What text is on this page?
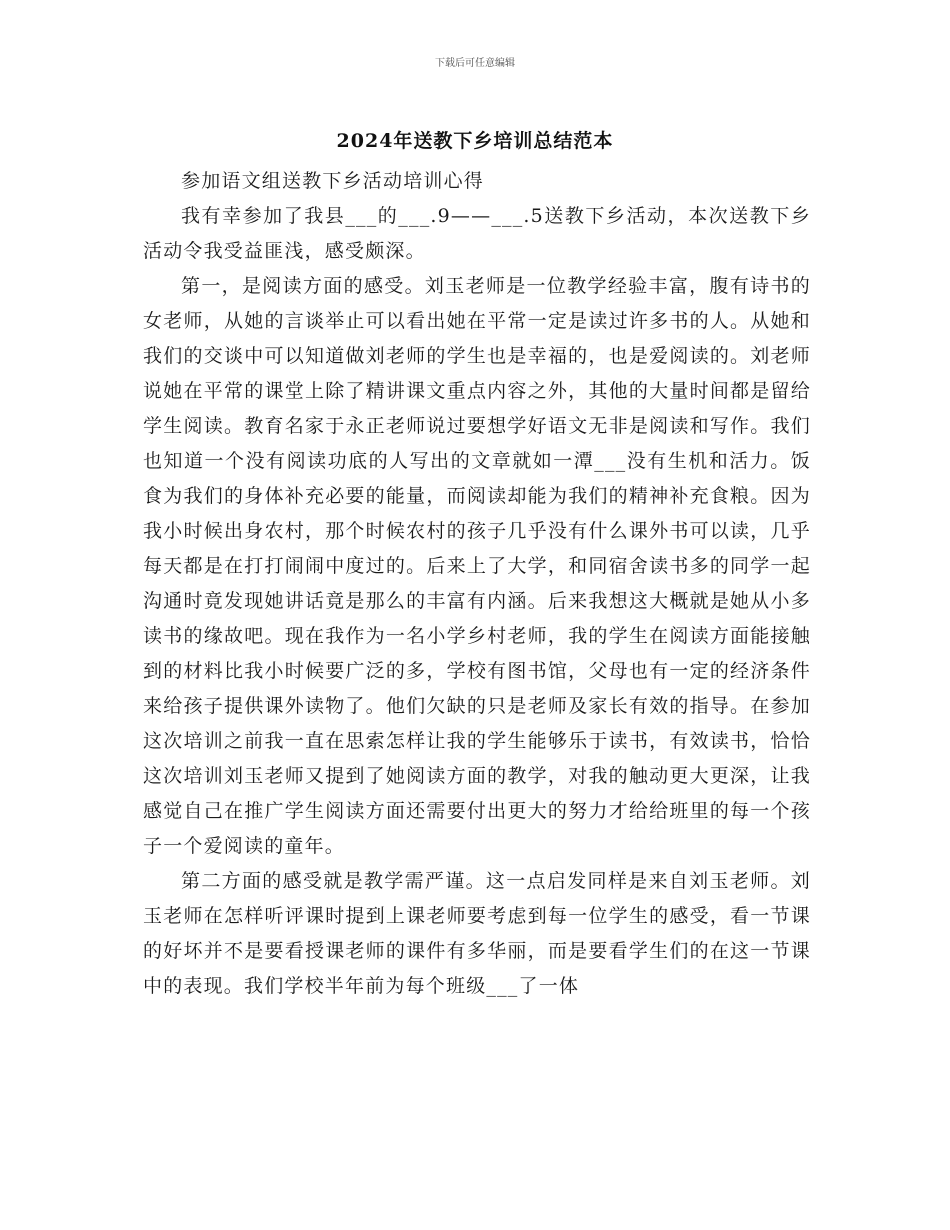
下载后可任意编辑
2024年送教下乡培训总结范本

参加语文组送教下乡活动培训心得

我有幸参加了我县___的___.9——___.5送教下乡活动，本次送教下乡活动令我受益匪浅，感受颇深。

第一，是阅读方面的感受。刘玉老师是一位教学经验丰富，腹有诗书的女老师，从她的言谈举止可以看出她在平常一定是读过许多书的人。从她和我们的交谈中可以知道做刘老师的学生也是幸福的，也是爱阅读的。刘老师说她在平常的课堂上除了精讲课文重点内容之外，其他的大量时间都是留给学生阅读。教育名家于永正老师说过要想学好语文无非是阅读和写作。我们也知道一个没有阅读功底的人写出的文章就如一潭___没有生机和活力。饭食为我们的身体补充必要的能量，而阅读却能为我们的精神补充食粮。因为我小时候出身农村，那个时候农村的孩子几乎没有什么课外书可以读，几乎每天都是在打打闹闹中度过的。后来上了大学，和同宿舍读书多的同学一起沟通时竟发现她讲话竟是那么的丰富有内涵。后来我想这大概就是她从小多读书的缘故吧。现在我作为一名小学乡村老师，我的学生在阅读方面能接触到的材料比我小时候要广泛的多，学校有图书馆，父母也有一定的经济条件来给孩子提供课外读物了。他们欠缺的只是老师及家长有效的指导。在参加这次培训之前我一直在思索怎样让我的学生能够乐于读书，有效读书，恰恰这次培训刘玉老师又提到了她阅读方面的教学，对我的触动更大更深，让我感觉自己在推广学生阅读方面还需要付出更大的努力才给给班里的每一个孩子一个爱阅读的童年。

第二方面的感受就是教学需严谨。这一点启发同样是来自刘玉老师。刘玉老师在怎样听评课时提到上课老师要考虑到每一位学生的感受，看一节课的好坏并不是要看授课老师的课件有多华丽，而是要看学生们的在这一节课中的表现。我们学校半年前为每个班级___了一体
